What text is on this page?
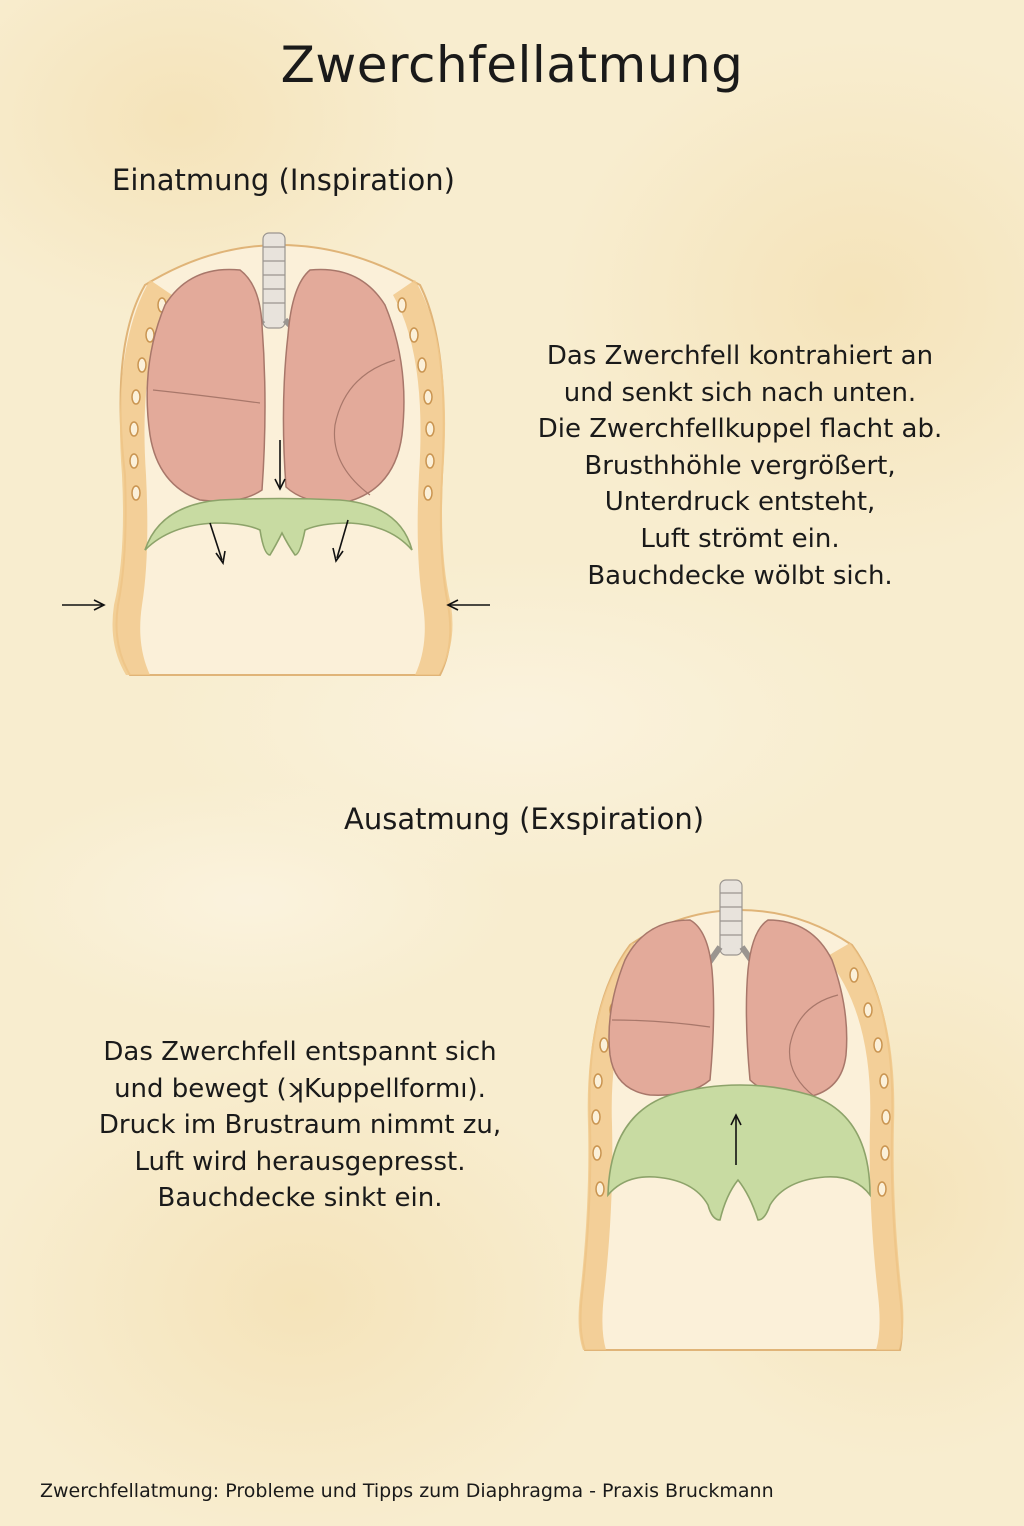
Zwerchfellatmung
Einatmung (Inspiration)
Das Zwerchfell kontrahiert an
und senkt sich nach unten.
Die Zwerchfellkuppel flacht ab.
Brusthhöhle vergrößert,
Unterdruck entsteht,
Luft strömt ein.
Bauchdecke wölbt sich.
Ausatmung (Exspiration)
Das Zwerchfell entspannt sich
und bewegt (ʞKuppellformı).
Druck im Brustraum nimmt zu,
Luft wird herausgepresst.
Bauchdecke sinkt ein.
Zwerchfellatmung: Probleme und Tipps zum Diaphragma - Praxis Bruckmann
